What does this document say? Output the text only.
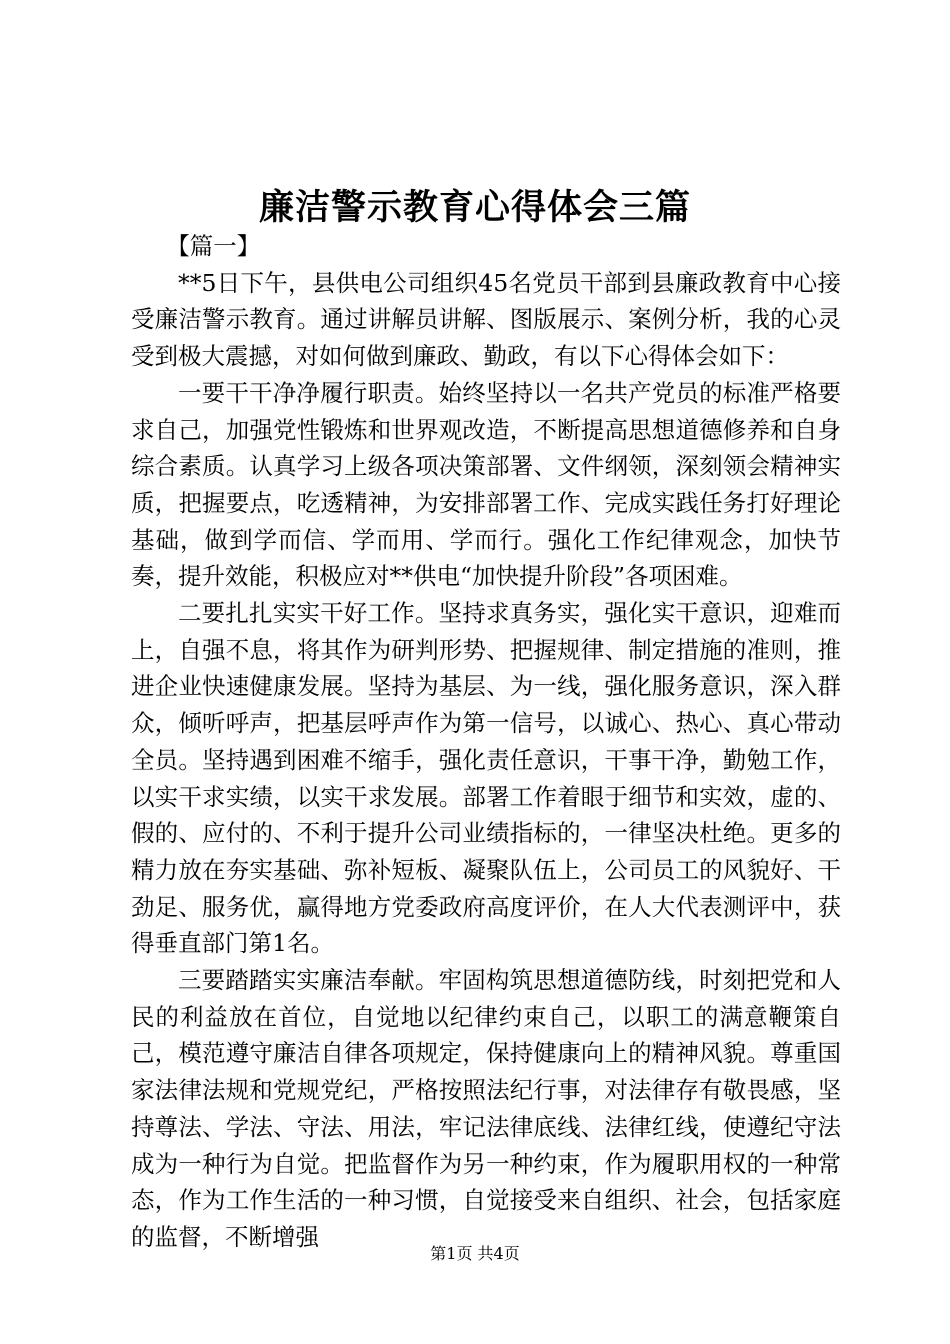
廉洁警示教育心得体会三篇

【篇一】

**5日下午，县供电公司组织45名党员干部到县廉政教育中心接受廉洁警示教育。通过讲解员讲解、图版展示、案例分析，我的心灵受到极大震撼，对如何做到廉政、勤政，有以下心得体会如下：

一要干干净净履行职责。始终坚持以一名共产党员的标准严格要求自己，加强党性锻炼和世界观改造，不断提高思想道德修养和自身综合素质。认真学习上级各项决策部署、文件纲领，深刻领会精神实质，把握要点，吃透精神，为安排部署工作、完成实践任务打好理论基础，做到学而信、学而用、学而行。强化工作纪律观念，加快节奏，提升效能，积极应对**供电“加快提升阶段”各项困难。

二要扎扎实实干好工作。坚持求真务实，强化实干意识，迎难而上，自强不息，将其作为研判形势、把握规律、制定措施的准则，推进企业快速健康发展。坚持为基层、为一线，强化服务意识，深入群众，倾听呼声，把基层呼声作为第一信号，以诚心、热心、真心带动全员。坚持遇到困难不缩手，强化责任意识，干事干净，勤勉工作，以实干求实绩，以实干求发展。部署工作着眼于细节和实效，虚的、假的、应付的、不利于提升公司业绩指标的，一律坚决杜绝。更多的精力放在夯实基础、弥补短板、凝聚队伍上，公司员工的风貌好、干劲足、服务优，赢得地方党委政府高度评价，在人大代表测评中，获得垂直部门第1名。

三要踏踏实实廉洁奉献。牢固构筑思想道德防线，时刻把党和人民的利益放在首位，自觉地以纪律约束自己，以职工的满意鞭策自己，模范遵守廉洁自律各项规定，保持健康向上的精神风貌。尊重国家法律法规和党规党纪，严格按照法纪行事，对法律存有敬畏感，坚持尊法、学法、守法、用法，牢记法律底线、法律红线，使遵纪守法成为一种行为自觉。把监督作为另一种约束，作为履职用权的一种常态，作为工作生活的一种习惯，自觉接受来自组织、社会，包括家庭的监督，不断增强

第1页 共4页
